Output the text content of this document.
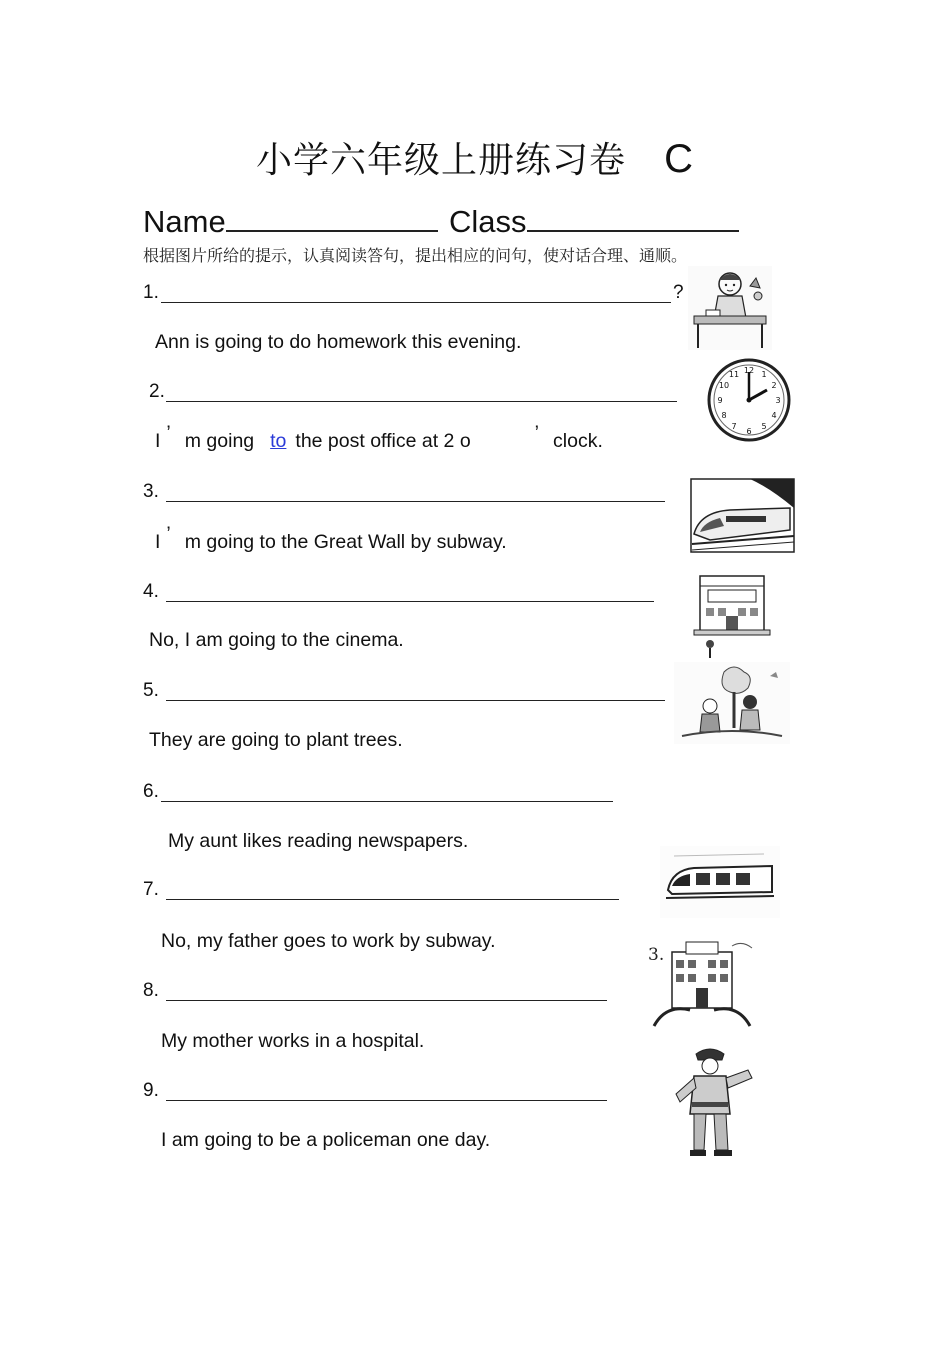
小学六年级上册练习卷 C
Name	Class
根据图片所给的提示，认真阅读答句，提出相应的问句，使对话合理、通顺。
1.	?
Ann is going to do homework this evening.
2.
I ’ m going to the post office at 2 o	’ clock.
3.
I ’ m going to the Great Wall by subway.
4.
No, I am going to the cinema.
5.
They are going to plant trees.
6.
My aunt likes reading newspapers.
7.
No, my father goes to work by subway.
8.
My mother works in a hospital.
9.
I am going to be a policeman one day.
12 1
2
3
4
5
6
7
8
9
10
11
3.
